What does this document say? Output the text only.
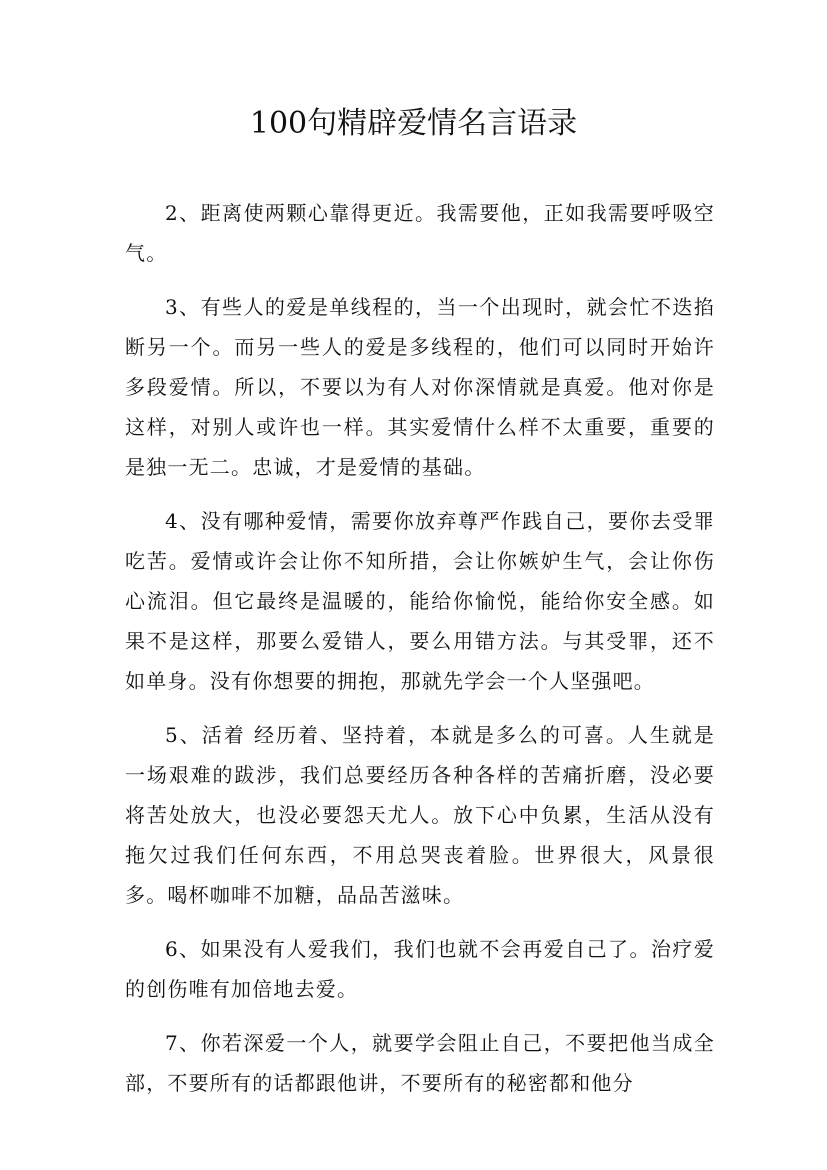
100句精辟爱情名言语录

2、距离使两颗心靠得更近。我需要他，正如我需要呼吸空气。

3、有些人的爱是单线程的，当一个出现时，就会忙不迭掐断另一个。而另一些人的爱是多线程的，他们可以同时开始许多段爱情。所以，不要以为有人对你深情就是真爱。他对你是这样，对别人或许也一样。其实爱情什么样不太重要，重要的是独一无二。忠诚，才是爱情的基础。

4、没有哪种爱情，需要你放弃尊严作践自己，要你去受罪吃苦。爱情或许会让你不知所措，会让你嫉妒生气，会让你伤心流泪。但它最终是温暖的，能给你愉悦，能给你安全感。如果不是这样，那要么爱错人，要么用错方法。与其受罪，还不如单身。没有你想要的拥抱，那就先学会一个人坚强吧。

5、活着 经历着、坚持着，本就是多么的可喜。人生就是一场艰难的跋涉，我们总要经历各种各样的苦痛折磨，没必要将苦处放大，也没必要怨天尤人。放下心中负累，生活从没有拖欠过我们任何东西，不用总哭丧着脸。世界很大，风景很多。喝杯咖啡不加糖，品品苦滋味。

6、如果没有人爱我们，我们也就不会再爱自己了。治疗爱的创伤唯有加倍地去爱。

7、你若深爱一个人，就要学会阻止自己，不要把他当成全部，不要所有的话都跟他讲，不要所有的秘密都和他分
